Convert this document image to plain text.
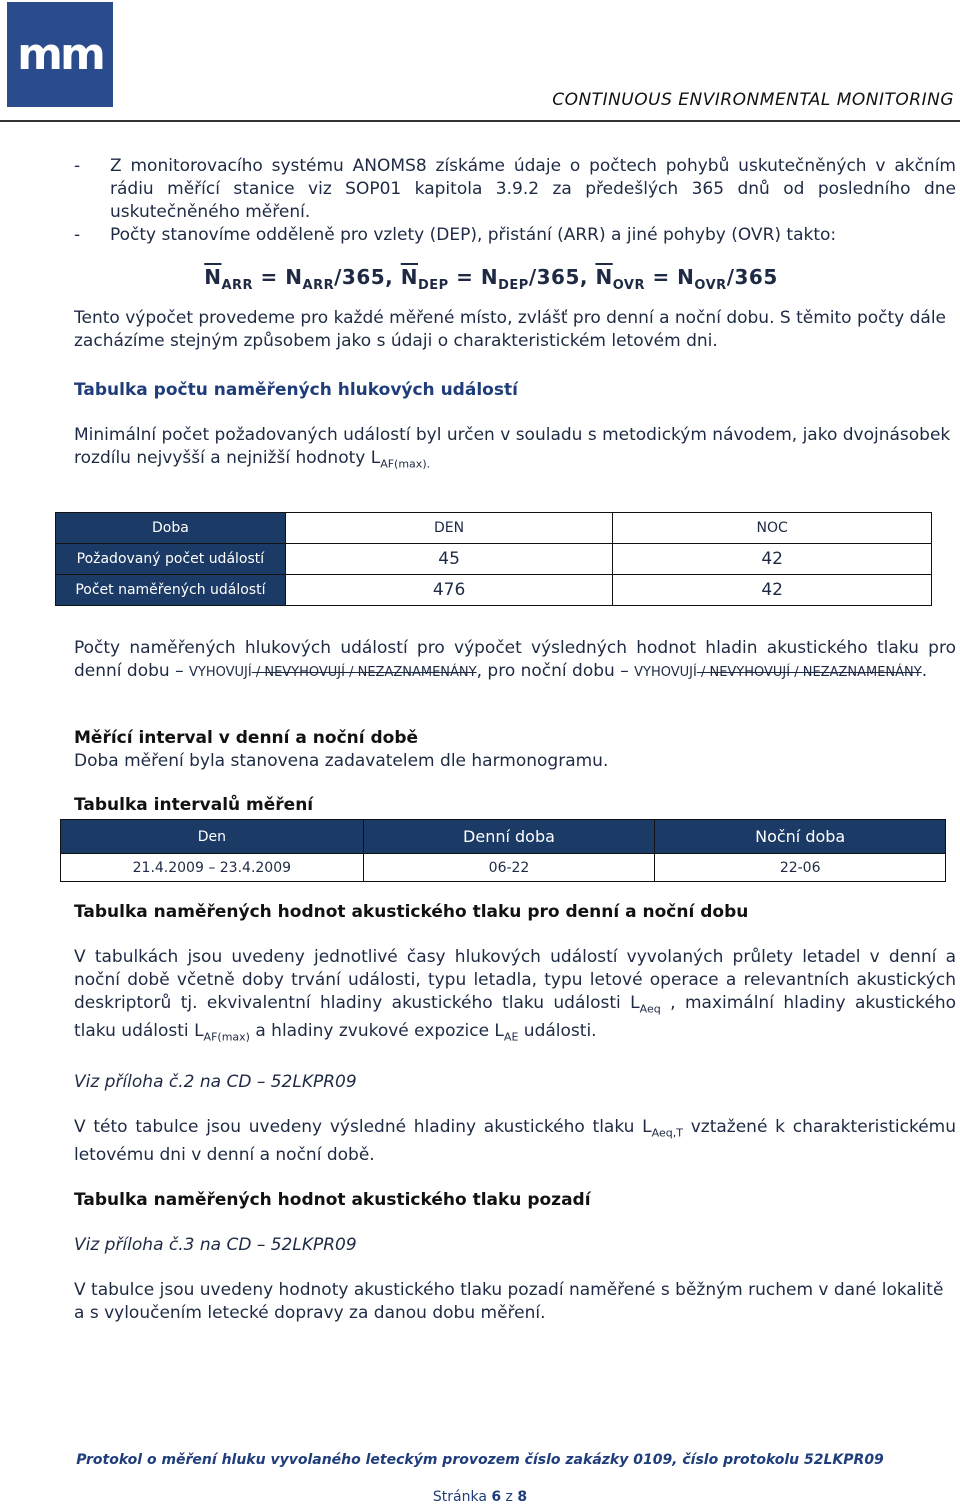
mm
CONTINUOUS ENVIRONMENTAL MONITORING
- Z monitorovacího systému ANOMS8 získáme údaje o počtech pohybů uskutečněných v akčním rádiu měřící stanice viz SOP01 kapitola 3.9.2 za předešlých 365 dnů od posledního dne uskutečněného měření.
- Počty stanovíme odděleně pro vzlety (DEP), přistání (ARR) a jiné pohyby (OVR) takto:
$\overline{N}_{ARR} = N_{ARR}/365$, $\overline{N}_{DEP} = N_{DEP}/365$, $\overline{N}_{OVR} = N_{OVR}/365$

Tento výpočet provedeme pro každé měřené místo, zvlášť pro denní a noční dobu. S těmito počty dále zacházíme stejným způsobem jako s údaji o charakteristickém letovém dni.

Tabulka počtu naměřených hlukových událostí

Minimální počet požadovaných událostí byl určen v souladu s metodickým návodem, jako dvojnásobek rozdílu nejvyšší a nejnižší hodnoty $L_{AF(max).}$

Doba	DEN	NOC
Požadovaný počet událostí	45	42
Počet naměřených událostí	476	42

Počty naměřených hlukových událostí pro výpočet výsledných hodnot hladin akustického tlaku pro denní dobu – VYHOVUJÍ / NEVYHOVUJÍ / NEZAZNAMENÁNY, pro noční dobu – VYHOVUJÍ / NEVYHOVUJÍ / NEZAZNAMENÁNY.

Měřící interval v denní a noční době

Doba měření byla stanovena zadavatelem dle harmonogramu.

Tabulka intervalů měření

Den	Denní doba	Noční doba
21.4.2009 – 23.4.2009	06-22	22-06

Tabulka naměřených hodnot akustického tlaku pro denní a noční dobu

V tabulkách jsou uvedeny jednotlivé časy hlukových událostí vyvolaných průlety letadel v denní a noční době včetně doby trvání události, typu letadla, typu letové operace a relevantních akustických deskriptorů tj. ekvivalentní hladiny akustického tlaku události $L_{Aeq}$ , maximální hladiny akustického tlaku události $L_{AF(max)}$ a hladiny zvukové expozice $L_{AE}$ události.

Viz příloha č.2 na CD – 52LKPR09

V této tabulce jsou uvedeny výsledné hladiny akustického tlaku $L_{Aeq,T}$ vztažené k charakteristickému letovému dni v denní a noční době.

Tabulka naměřených hodnot akustického tlaku pozadí

Viz příloha č.3 na CD – 52LKPR09

V tabulce jsou uvedeny hodnoty akustického tlaku pozadí naměřené s běžným ruchem v dané lokalitě a s vyloučením letecké dopravy za danou dobu měření.

Protokol o měření hluku vyvolaného leteckým provozem číslo zakázky 0109, číslo protokolu 52LKPR09
Stránka 6 z 8
